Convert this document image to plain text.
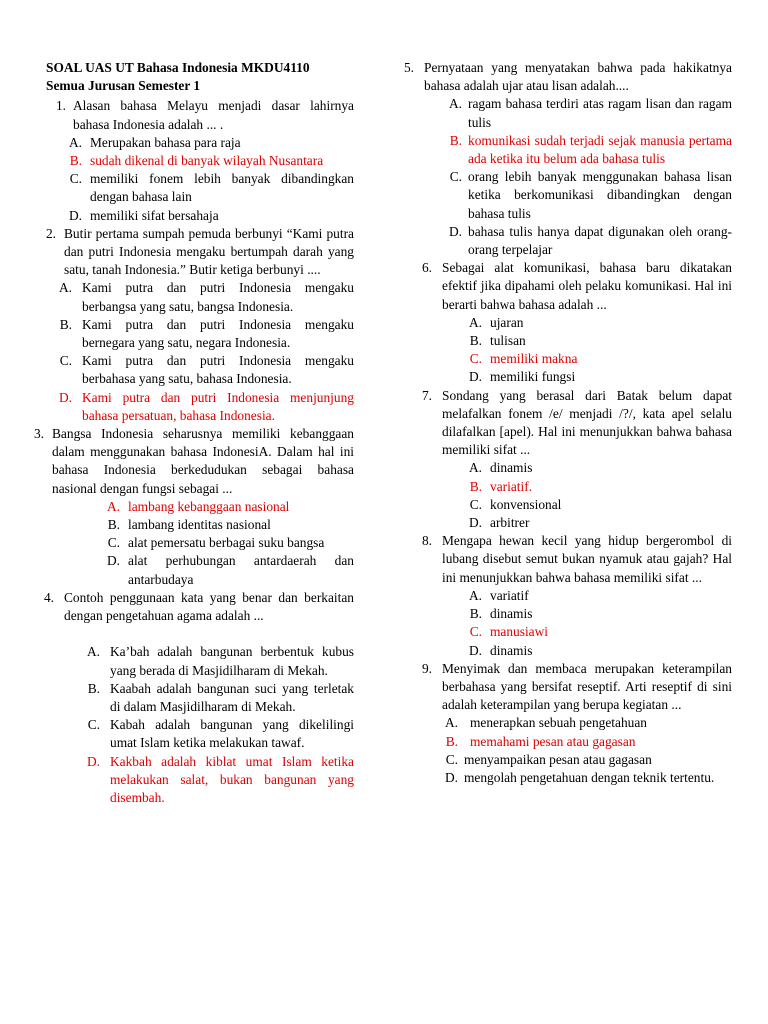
SOAL UAS UT Bahasa Indonesia MKDU4110
Semua Jurusan Semester 1
1. Alasan bahasa Melayu menjadi dasar lahirnya bahasa Indonesia adalah ... .
A. Merupakan bahasa para raja
B. sudah dikenal di banyak wilayah Nusantara
C. memiliki fonem lebih banyak dibandingkan dengan bahasa lain
D. memiliki sifat bersahaja
2. Butir pertama sumpah pemuda berbunyi “Kami putra dan putri Indonesia mengaku bertumpah darah yang satu, tanah Indonesia.” Butir ketiga berbunyi ....
A. Kami putra dan putri Indonesia mengaku berbangsa yang satu, bangsa Indonesia.
B. Kami putra dan putri Indonesia mengaku bernegara yang satu, negara Indonesia.
C. Kami putra dan putri Indonesia mengaku berbahasa yang satu, bahasa Indonesia.
D. Kami putra dan putri Indonesia menjunjung bahasa persatuan, bahasa Indonesia.
3. Bangsa Indonesia seharusnya memiliki kebanggaan dalam menggunakan bahasa IndonesiA. Dalam hal ini bahasa Indonesia berkedudukan sebagai bahasa nasional dengan fungsi sebagai ...
A. lambang kebanggaan nasional
B. lambang identitas nasional
C. alat pemersatu berbagai suku bangsa
D. alat perhubungan antardaerah dan antarbudaya
4. Contoh penggunaan kata yang benar dan berkaitan dengan pengetahuan agama adalah ...
A. Ka’bah adalah bangunan berbentuk kubus yang berada di Masjidilharam di Mekah.
B. Kaabah adalah bangunan suci yang terletak di dalam Masjidilharam di Mekah.
C. Kabah adalah bangunan yang dikelilingi umat Islam ketika melakukan tawaf.
D. Kakbah adalah kiblat umat Islam ketika melakukan salat, bukan bangunan yang disembah.
5. Pernyataan yang menyatakan bahwa pada hakikatnya bahasa adalah ujar atau lisan adalah....
A. ragam bahasa terdiri atas ragam lisan dan ragam tulis
B. komunikasi sudah terjadi sejak manusia pertama ada ketika itu belum ada bahasa tulis
C. orang lebih banyak menggunakan bahasa lisan ketika berkomunikasi dibandingkan dengan bahasa tulis
D. bahasa tulis hanya dapat digunakan oleh orang-orang terpelajar
6. Sebagai alat komunikasi, bahasa baru dikatakan efektif jika dipahami oleh pelaku komunikasi. Hal ini berarti bahwa bahasa adalah ...
A. ujaran
B. tulisan
C. memiliki makna
D. memiliki fungsi
7. Sondang yang berasal dari Batak belum dapat melafalkan fonem /e/ menjadi /?/, kata apel selalu dilafalkan [apel). Hal ini menunjukkan bahwa bahasa memiliki sifat ...
A. dinamis
B. variatif.
C. konvensional
D. arbitrer
8. Mengapa hewan kecil yang hidup bergerombol di lubang disebut semut bukan nyamuk atau gajah? Hal ini menunjukkan bahwa bahasa memiliki sifat ...
A. variatif
B. dinamis
C. manusiawi
D. dinamis
9. Menyimak dan membaca merupakan keterampilan berbahasa yang bersifat reseptif. Arti reseptif di sini adalah keterampilan yang berupa kegiatan ...
A. menerapkan sebuah pengetahuan
B. memahami pesan atau gagasan
C. menyampaikan pesan atau gagasan
D. mengolah pengetahuan dengan teknik tertentu.
